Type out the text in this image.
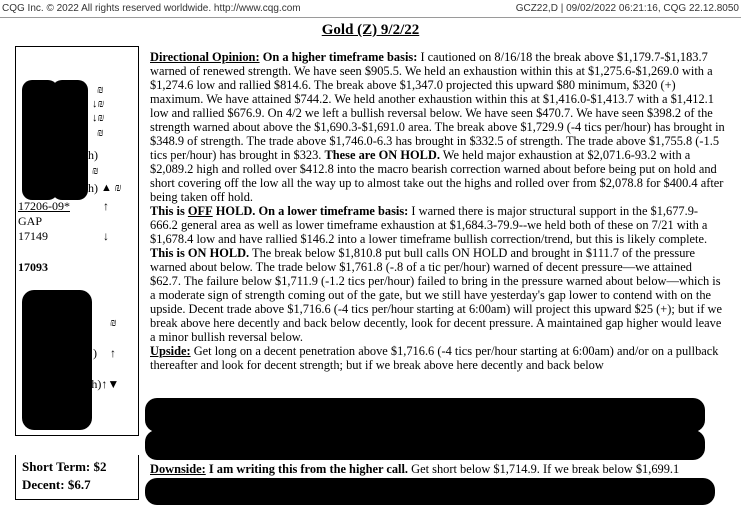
CQG Inc. © 2022 All rights reserved worldwide. http://www.cqg.com	GCZ22,D | 09/02/2022 06:21:16, CQG 22.12.8050
Gold (Z) 9/2/22
₪
↓₪
↓₪
₪
h)
₪
h) ▲ ₪
17206-09*	↑
GAP
17149	↓
17093
₪
) ↑
/h)↑▼
Short Term: $2
Decent: $6.7

Directional Opinion: On a higher timeframe basis: I cautioned on 8/16/18 the break above $1,179.7-$1,183.7 warned of renewed strength. We have seen $905.5. We held an exhaustion within this at $1,275.6-$1,269.0 with a $1,274.6 low and rallied $814.6. The break above $1,347.0 projected this upward $80 minimum, $320 (+) maximum. We have attained $744.2. We held another exhaustion within this at $1,416.0-$1,413.7 with a $1,412.1 low and rallied $676.9. On 4/2 we left a bullish reversal below. We have seen $470.7. We have seen $398.2 of the strength warned about above the $1,690.3-$1,691.0 area. The break above $1,729.9 (-4 tics per/hour) has brought in $348.9 of strength. The trade above $1,746.0-6.3 has brought in $332.5 of strength. The trade above $1,755.8 (-1.5 tics per/hour) has brought in $323. These are ON HOLD. We held major exhaustion at $2,071.6-93.2 with a $2,089.2 high and rolled over $412.8 into the macro bearish correction warned about before being put on hold and short covering off the low all the way up to almost take out the highs and rolled over from $2,078.8 for $400.4 after being taken off hold.

This is OFF HOLD. On a lower timeframe basis: I warned there is major structural support in the $1,677.9-666.2 general area as well as lower timeframe exhaustion at $1,684.3-79.9--we held both of these on 7/21 with a $1,678.4 low and have rallied $146.2 into a lower timeframe bullish correction/trend, but this is likely complete. This is ON HOLD. The break below $1,810.8 put bull calls ON HOLD and brought in $111.7 of the pressure warned about below. The trade below $1,761.8 (-.8 of a tic per/hour) warned of decent pressure—we attained $62.7. The failure below $1,711.9 (-1.2 tics per/hour) failed to bring in the pressure warned about below—which is a moderate sign of strength coming out of the gate, but we still have yesterday's gap lower to contend with on the upside. Decent trade above $1,716.6 (-4 tics per/hour starting at 6:00am) will project this upward $25 (+); but if we break above here decently and back below decently, look for decent pressure. A maintained gap higher would leave a minor bullish reversal below.

Upside: Get long on a decent penetration above $1,716.6 (-4 tics per/hour starting at 6:00am) and/or on a pullback thereafter and look for decent strength; but if we break above here decently and back below

Downside: I am writing this from the higher call. Get short below $1,714.9. If we break below $1,699.1
